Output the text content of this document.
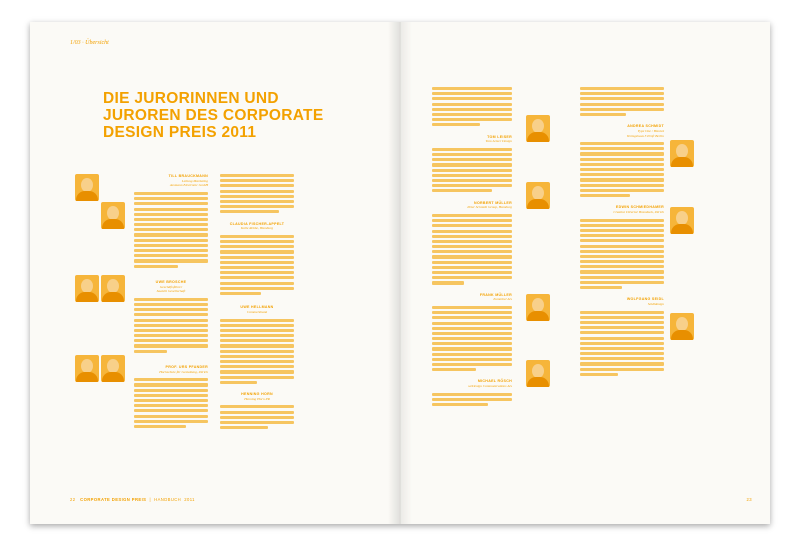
1/03 · Übersicht
DIE JURORINNEN UND
JUROREN DES CORPORATE
DESIGN PREIS 2011
TILL BRAUCKMANN
Leitung Marketing
Assmann Electronic GmbH
UWE BROSCHE
Geschäftsführer
Saatchi Gesellschaft
PROF. URS PFANDER
Hochschule für Gestaltung, Zürich
CLAUDIA FISCHER-APPELT
Kolle Rebbe, Hamburg
UWE HELLMANN
Commerzbank
HENNING HORN
Henning Horn PR
22 CORPORATE DESIGN PREIS | HANDBUCH 2011
TOM LEISER
Tom Leiser Design
NORBERT MÜLLER
Peter Schmidt Group, Hamburg
FRANK MÜLLER
Zumtobel AG
MICHAEL RÖSCH
weDesign Communications AG
ANDREA SCHMIDT
Type One / Bisnick
Verlagshaus 3 Profi Berlin
EDWIN SCHMIEDHAMER
Creative Director Brandsets, Zürich
WOLFGANG SEIDL
Seidldesign
23
